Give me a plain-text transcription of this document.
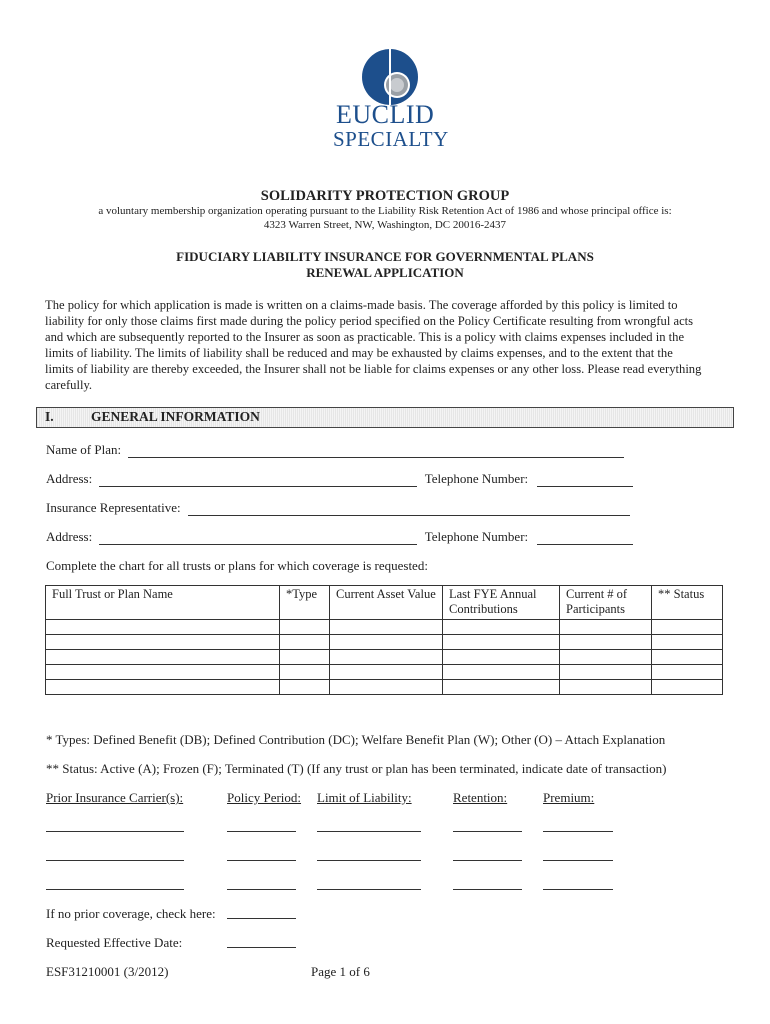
EUCLID
SPECIALTY
SOLIDARITY PROTECTION GROUP
a voluntary membership organization operating pursuant to the Liability Risk Retention Act of 1986 and whose principal office is:
4323 Warren Street, NW, Washington, DC 20016-2437
FIDUCIARY LIABILITY INSURANCE FOR GOVERNMENTAL PLANS
RENEWAL APPLICATION
The policy for which application is made is written on a claims-made basis. The coverage afforded by this policy is limited to
liability for only those claims first made during the policy period specified on the Policy Certificate resulting from wrongful acts
and which are subsequently reported to the Insurer as soon as practicable. This is a policy with claims expenses included in the
limits of liability. The limits of liability shall be reduced and may be exhausted by claims expenses, and to the extent that the
limits of liability are thereby exceeded, the Insurer shall not be liable for claims expenses or any other loss. Please read everything
carefully.
I.	GENERAL INFORMATION
Name of Plan:
Address:	Telephone Number:
Insurance Representative:
Address:	Telephone Number:
Complete the chart for all trusts or plans for which coverage is requested:
Full Trust or Plan Name	*Type	Current Asset Value	Last FYE Annual Contributions	Current # of Participants	** Status

* Types: Defined Benefit (DB); Defined Contribution (DC); Welfare Benefit Plan (W); Other (O) – Attach Explanation
** Status: Active (A); Frozen (F); Terminated (T) (If any trust or plan has been terminated, indicate date of transaction)
Prior Insurance Carrier(s):	Policy Period: Limit of Liability:	Retention:	Premium:
If no prior coverage, check here:
Requested Effective Date:
ESF31210001 (3/2012)	Page 1 of 6
